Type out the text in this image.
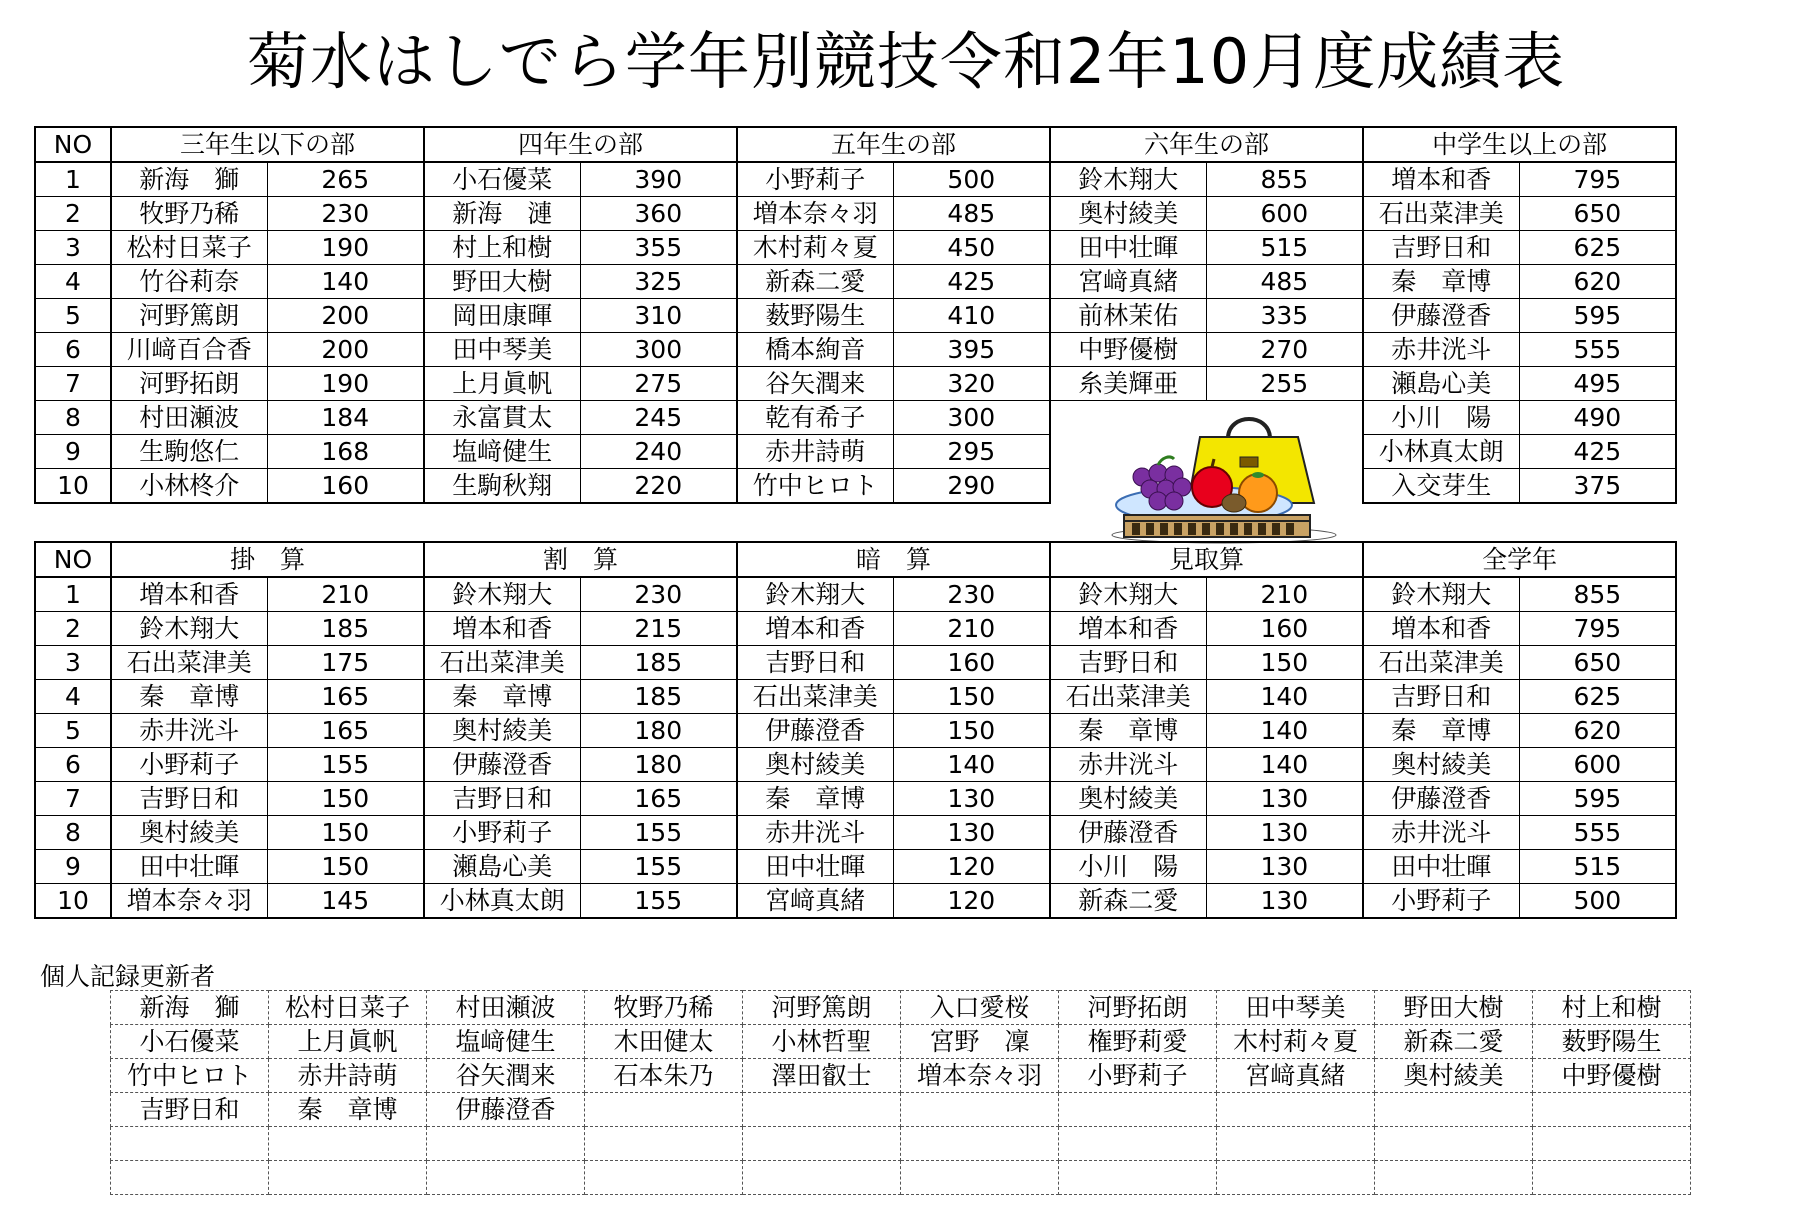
菊水はしでら学年別競技令和2年10月度成績表
NO	三年生以下の部		四年生の部		五年生の部		六年生の部		中学生以上の部	
1	新海　獅	265	小石優菜	390	小野莉子	500	鈴木翔大	855	増本和香	795
2	牧野乃稀	230	新海　漣	360	増本奈々羽	485	奥村綾美	600	石出菜津美	650
3	松村日菜子	190	村上和樹	355	木村莉々夏	450	田中壮暉	515	吉野日和	625
4	竹谷莉奈	140	野田大樹	325	新森二愛	425	宮﨑真緒	485	秦　章博	620
5	河野篤朗	200	岡田康暉	310	薮野陽生	410	前林茉佑	335	伊藤澄香	595
6	川﨑百合香	200	田中琴美	300	橋本絢音	395	中野優樹	270	赤井洸斗	555
7	河野拓朗	190	上月眞帆	275	谷矢潤来	320	糸美輝亜	255	瀬島心美	495
8	村田瀬波	184	永富貫太	245	乾有希子	300			小川　陽	490
9	生駒悠仁	168	塩﨑健生	240	赤井詩萌	295			小林真太朗	425
10	小林柊介	160	生駒秋翔	220	竹中ヒロト	290			入交芽生	375
NO	掛　算		割　算		暗　算		見取算		全学年	
1	増本和香	210	鈴木翔大	230	鈴木翔大	230	鈴木翔大	210	鈴木翔大	855
2	鈴木翔大	185	増本和香	215	増本和香	210	増本和香	160	増本和香	795
3	石出菜津美	175	石出菜津美	185	吉野日和	160	吉野日和	150	石出菜津美	650
4	秦　章博	165	秦　章博	185	石出菜津美	150	石出菜津美	140	吉野日和	625
5	赤井洸斗	165	奥村綾美	180	伊藤澄香	150	秦　章博	140	秦　章博	620
6	小野莉子	155	伊藤澄香	180	奥村綾美	140	赤井洸斗	140	奥村綾美	600
7	吉野日和	150	吉野日和	165	秦　章博	130	奥村綾美	130	伊藤澄香	595
8	奥村綾美	150	小野莉子	155	赤井洸斗	130	伊藤澄香	130	赤井洸斗	555
9	田中壮暉	150	瀬島心美	155	田中壮暉	120	小川　陽	130	田中壮暉	515
10	増本奈々羽	145	小林真太朗	155	宮﨑真緒	120	新森二愛	130	小野莉子	500
個人記録更新者
新海　獅	松村日菜子	村田瀬波	牧野乃稀	河野篤朗	入口愛桜	河野拓朗	田中琴美	野田大樹	村上和樹
小石優菜	上月眞帆	塩﨑健生	木田健太	小林哲聖	宮野　凜	権野莉愛	木村莉々夏	新森二愛	薮野陽生
竹中ヒロト	赤井詩萌	谷矢潤来	石本朱乃	澤田叡士	増本奈々羽	小野莉子	宮﨑真緒	奥村綾美	中野優樹
吉野日和	秦　章博	伊藤澄香							
